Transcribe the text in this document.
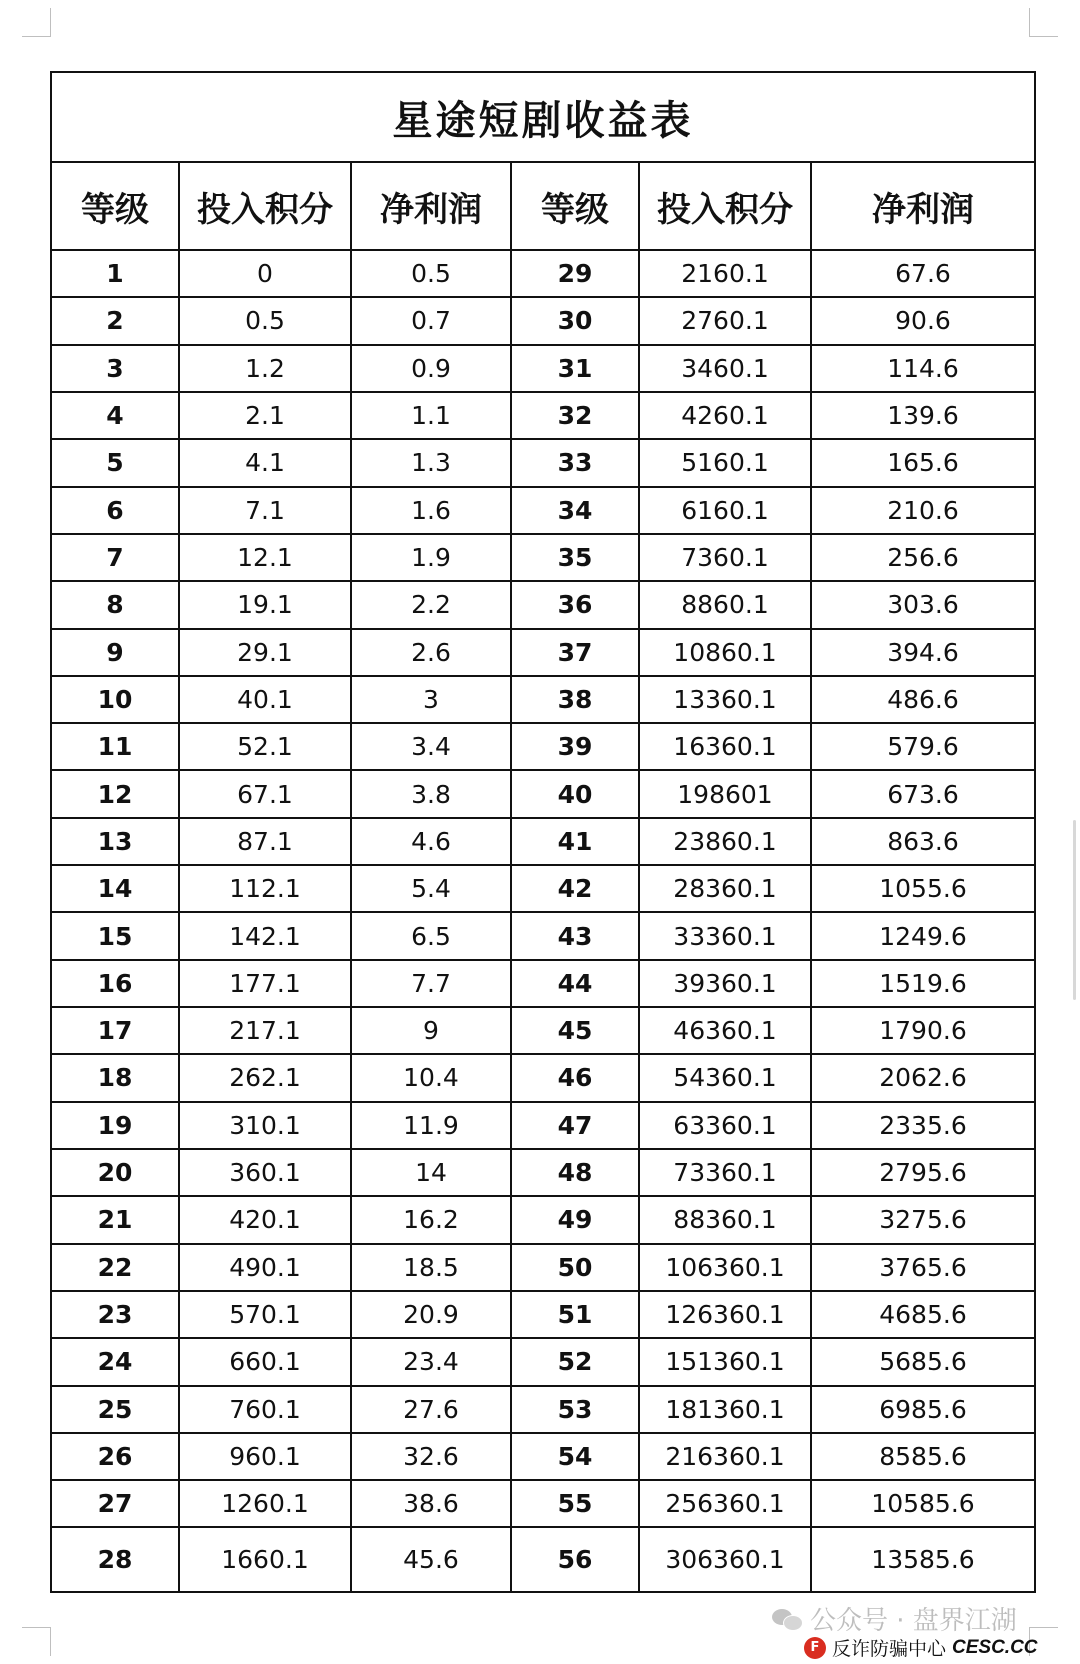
星途短剧收益表					
等级	投入积分	净利润	等级	投入积分	净利润
1	0	0.5	29	2160.1	67.6
2	0.5	0.7	30	2760.1	90.6
3	1.2	0.9	31	3460.1	114.6
4	2.1	1.1	32	4260.1	139.6
5	4.1	1.3	33	5160.1	165.6
6	7.1	1.6	34	6160.1	210.6
7	12.1	1.9	35	7360.1	256.6
8	19.1	2.2	36	8860.1	303.6
9	29.1	2.6	37	10860.1	394.6
10	40.1	3	38	13360.1	486.6
11	52.1	3.4	39	16360.1	579.6
12	67.1	3.8	40	198601	673.6
13	87.1	4.6	41	23860.1	863.6
14	112.1	5.4	42	28360.1	1055.6
15	142.1	6.5	43	33360.1	1249.6
16	177.1	7.7	44	39360.1	1519.6
17	217.1	9	45	46360.1	1790.6
18	262.1	10.4	46	54360.1	2062.6
19	310.1	11.9	47	63360.1	2335.6
20	360.1	14	48	73360.1	2795.6
21	420.1	16.2	49	88360.1	3275.6
22	490.1	18.5	50	106360.1	3765.6
23	570.1	20.9	51	126360.1	4685.6
24	660.1	23.4	52	151360.1	5685.6
25	760.1	27.6	53	181360.1	6985.6
26	960.1	32.6	54	216360.1	8585.6
27	1260.1	38.6	55	256360.1	10585.6
28	1660.1	45.6	56	306360.1	13585.6
公众号 · 盘界江湖
F 反诈防骗中心 CESC.CC
